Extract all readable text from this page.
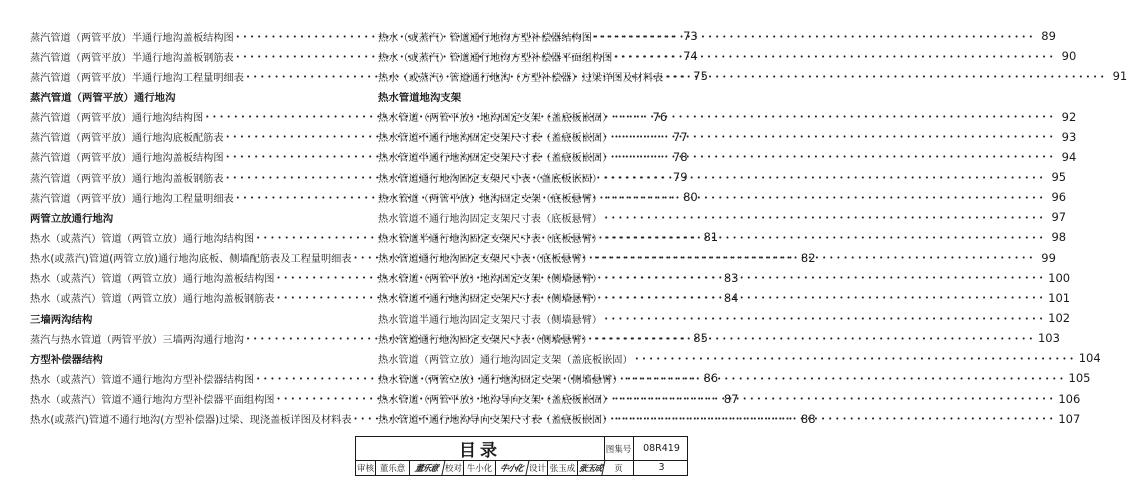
蒸汽管道（两管平放）半通行地沟盖板结构图 •••••	73
蒸汽管道（两管平放）半通行地沟盖板钢筋表 •••••	74
蒸汽管道（两管平放）半通行地沟工程量明细表 •••••	75
蒸汽管道（两管平放）通行地沟
蒸汽管道（两管平放）通行地沟结构图 •••••	76
蒸汽管道（两管平放）通行地沟底板配筋表 •••••	77
蒸汽管道（两管平放）通行地沟盖板结构图 •••••	78
蒸汽管道（两管平放）通行地沟盖板钢筋表 •••••	79
蒸汽管道（两管平放）通行地沟工程量明细表 •••••	80
两管立放通行地沟
热水（或蒸汽）管道（两管立放）通行地沟结构图 •••••	81
热水(或蒸汽)管道(两管立放)通行地沟底板、侧墙配筋表及工程量明细表 •••••	82
热水（或蒸汽）管道（两管立放）通行地沟盖板结构图 •••••	83
热水（或蒸汽）管道（两管立放）通行地沟盖板钢筋表 •••••	84
三墙两沟结构
蒸汽与热水管道（两管平放）三墙两沟通行地沟 •••••	85
方型补偿器结构
热水（或蒸汽）管道不通行地沟方型补偿器结构图 •••••	86
热水（或蒸汽）管道不通行地沟方型补偿器平面组构图 •••••	87
热水(或蒸汽)管道不通行地沟(方型补偿器)过梁、现浇盖板详图及材料表 •••••	88
热水（或蒸汽）管道通行地沟方型补偿器结构图 •••••	89
热水（或蒸汽）管道通行地沟方型补偿器平面组构图 •••••	90
热水（或蒸汽）管道通行地沟（方型补偿器）过梁详图及材料表 •••••	91
热水管道地沟支架
热水管道（两管平放）地沟固定支架（盖底板嵌固） •••••	92
热水管道不通行地沟固定支架尺寸表（盖底板嵌固） •••••	93
热水管道半通行地沟固定支架尺寸表（盖底板嵌固） •••••	94
热水管道通行地沟固定支架尺寸表（盖底板嵌固） •••••	95
热水管道（两管平放）地沟固定支架（底板悬臂） •••••	96
热水管道不通行地沟固定支架尺寸表（底板悬臂） •••••	97
热水管道半通行地沟固定支架尺寸表（底板悬臂） •••••	98
热水管道通行地沟固定支架尺寸表（底板悬臂） •••••	99
热水管道（两管平放）地沟固定支架（侧墙悬臂） •••••	100
热水管道不通行地沟固定支架尺寸表（侧墙悬臂） •••••	101
热水管道半通行地沟固定支架尺寸表（侧墙悬臂） •••••	102
热水管道通行地沟固定支架尺寸表（侧墙悬臂） •••••	103
热水管道（两管立放）通行地沟固定支架（盖底板嵌固） •••••	104
热水管道（两管立放）通行地沟固定支架（侧墙悬臂） •••••	105
热水管道（两管平放）地沟导向支架（盖底板嵌固） •••••	106
热水管道不通行地沟导向支架尺寸表（盖底板嵌固） •••••	107
目录	图集号	08R419
审核 董乐意	董乐意 校对 牛小化 牛小化 设计 张玉成 张玉成	页	3
